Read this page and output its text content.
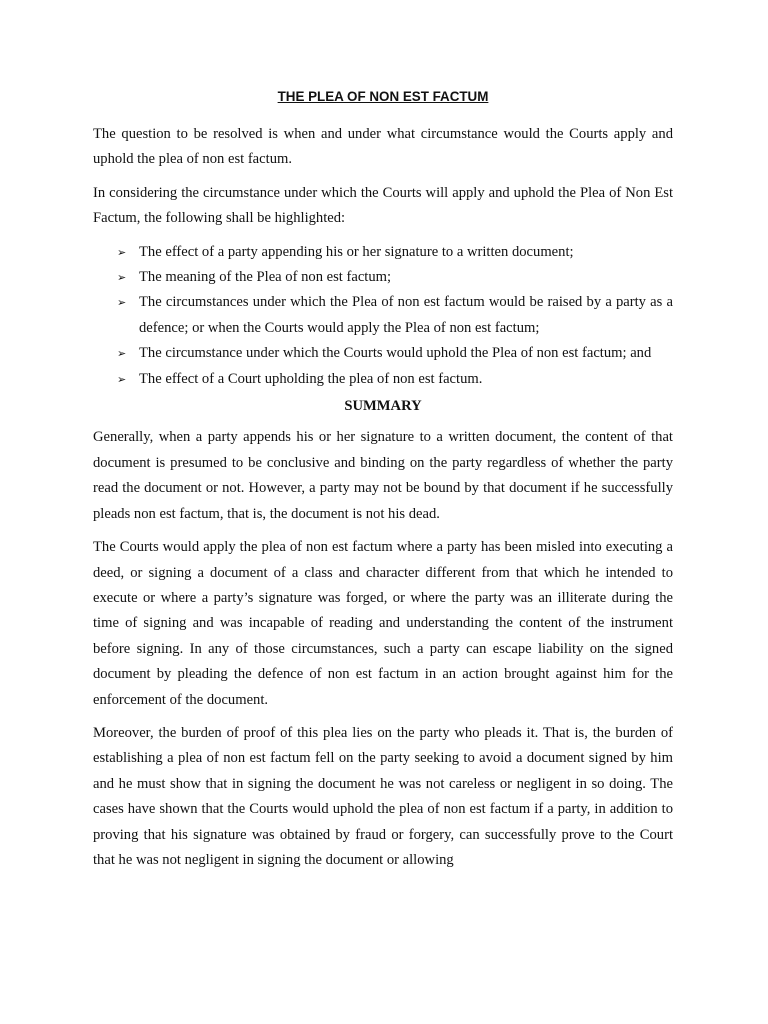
THE PLEA OF NON EST FACTUM

The question to be resolved is when and under what circumstance would the Courts apply and uphold the plea of non est factum.

In considering the circumstance under which the Courts will apply and uphold the Plea of Non Est Factum, the following shall be highlighted:

➢ The effect of a party appending his or her signature to a written document;
➢ The meaning of the Plea of non est factum;
➢ The circumstances under which the Plea of non est factum would be raised by a party as a defence; or when the Courts would apply the Plea of non est factum;
➢ The circumstance under which the Courts would uphold the Plea of non est factum; and
➢ The effect of a Court upholding the plea of non est factum.
SUMMARY

Generally, when a party appends his or her signature to a written document, the content of that document is presumed to be conclusive and binding on the party regardless of whether the party read the document or not. However, a party may not be bound by that document if he successfully pleads non est factum, that is, the document is not his dead.

The Courts would apply the plea of non est factum where a party has been misled into executing a deed, or signing a document of a class and character different from that which he intended to execute or where a party’s signature was forged, or where the party was an illiterate during the time of signing and was incapable of reading and understanding the content of the instrument before signing. In any of those circumstances, such a party can escape liability on the signed document by pleading the defence of non est factum in an action brought against him for the enforcement of the document.

Moreover, the burden of proof of this plea lies on the party who pleads it. That is, the burden of establishing a plea of non est factum fell on the party seeking to avoid a document signed by him and he must show that in signing the document he was not careless or negligent in so doing. The cases have shown that the Courts would uphold the plea of non est factum if a party, in addition to proving that his signature was obtained by fraud or forgery, can successfully prove to the Court that he was not negligent in signing the document or allowing
